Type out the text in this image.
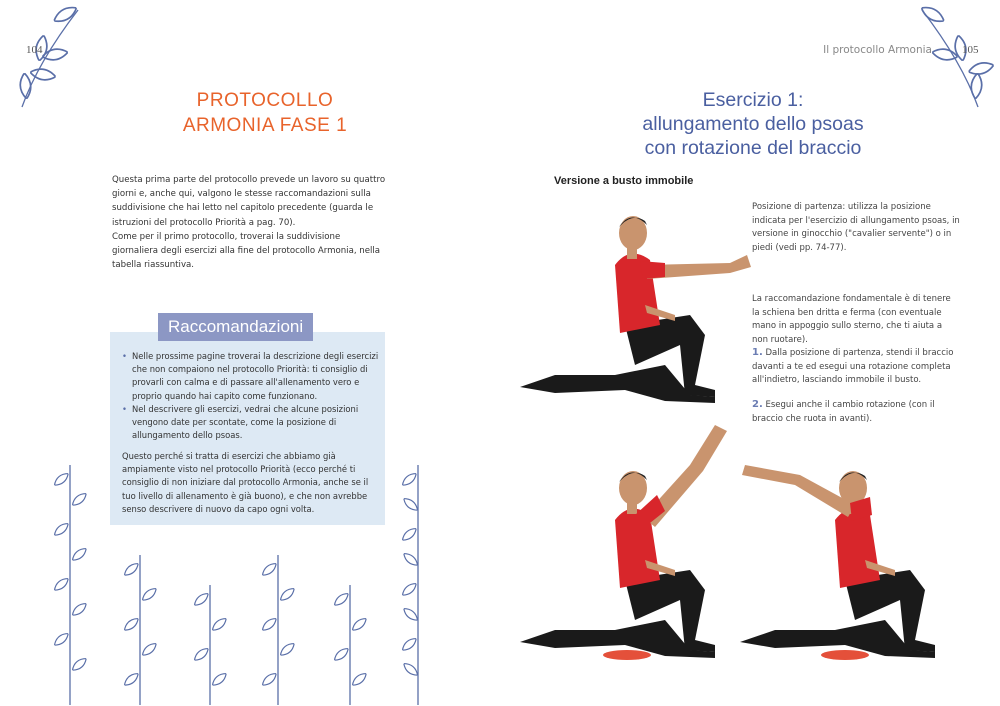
104
PROTOCOLLO
ARMONIA FASE 1
Questa prima parte del protocollo prevede un lavoro su quattro giorni e, anche qui, valgono le stesse raccomandazioni sulla suddivisione che hai letto nel capitolo precedente (guarda le istruzioni del protocollo Priorità a pag. 70).
Come per il primo protocollo, troverai la suddivisione giornaliera degli esercizi alla fine del protocollo Armonia, nella tabella riassuntiva.
• Nelle prossime pagine troverai la descrizione degli esercizi che non compaiono nel protocollo Priorità: ti consiglio di provarli con calma e di passare all'allenamento vero e proprio quando hai capito come funzionano.
• Nel descrivere gli esercizi, vedrai che alcune posizioni vengono date per scontate, come la posizione di allungamento dello psoas.
Questo perché si tratta di esercizi che abbiamo già ampiamente visto nel protocollo Priorità (ecco perché ti consiglio di non iniziare dal protocollo Armonia, anche se il tuo livello di allenamento è già buono), e che non avrebbe senso descrivere di nuovo da capo ogni volta.
Raccomandazioni
Il protocollo Armonia	105
Esercizio 1:
allungamento dello psoas
con rotazione del braccio
Versione a busto immobile
Posizione di partenza: utilizza la posizione indicata per l'esercizio di allungamento psoas, in versione in ginocchio ("cavalier servente") o in piedi (vedi pp. 74-77).
La raccomandazione fondamentale è di tenere la schiena ben dritta e ferma (con eventuale mano in appoggio sullo sterno, che ti aiuta a non ruotare).
1. Dalla posizione di partenza, stendi il braccio davanti a te ed esegui una rotazione completa all'indietro, lasciando immobile il busto.
2. Esegui anche il cambio rotazione (con il braccio che ruota in avanti).
